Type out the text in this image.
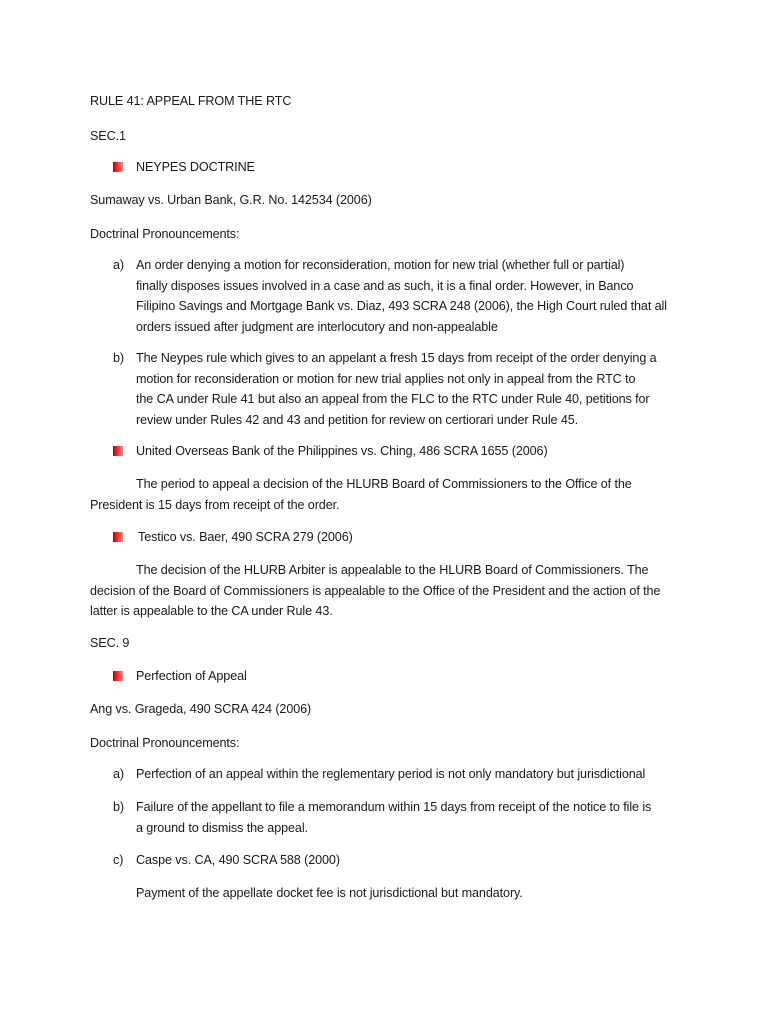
RULE 41: APPEAL FROM THE RTC
SEC.1
NEYPES DOCTRINE
Sumaway vs. Urban Bank, G.R. No. 142534 (2006)
Doctrinal Pronouncements:
a) An order denying a motion for reconsideration, motion for new trial (whether full or partial)
finally disposes issues involved in a case and as such, it is a final order. However, in Banco
Filipino Savings and Mortgage Bank vs. Diaz, 493 SCRA 248 (2006), the High Court ruled that all
orders issued after judgment are interlocutory and non-appealable
b) The Neypes rule which gives to an appelant a fresh 15 days from receipt of the order denying a
motion for reconsideration or motion for new trial applies not only in appeal from the RTC to
the CA under Rule 41 but also an appeal from the FLC to the RTC under Rule 40, petitions for
review under Rules 42 and 43 and petition for review on certiorari under Rule 45.
United Overseas Bank of the Philippines vs. Ching, 486 SCRA 1655 (2006)
The period to appeal a decision of the HLURB Board of Commissioners to the Office of the
President is 15 days from receipt of the order.
Testico vs. Baer, 490 SCRA 279 (2006)
The decision of the HLURB Arbiter is appealable to the HLURB Board of Commissioners. The
decision of the Board of Commissioners is appealable to the Office of the President and the action of the
latter is appealable to the CA under Rule 43.
SEC. 9
Perfection of Appeal
Ang vs. Grageda, 490 SCRA 424 (2006)
Doctrinal Pronouncements:
a) Perfection of an appeal within the reglementary period is not only mandatory but jurisdictional
b) Failure of the appellant to file a memorandum within 15 days from receipt of the notice to file is
a ground to dismiss the appeal.
c) Caspe vs. CA, 490 SCRA 588 (2000)
Payment of the appellate docket fee is not jurisdictional but mandatory.
